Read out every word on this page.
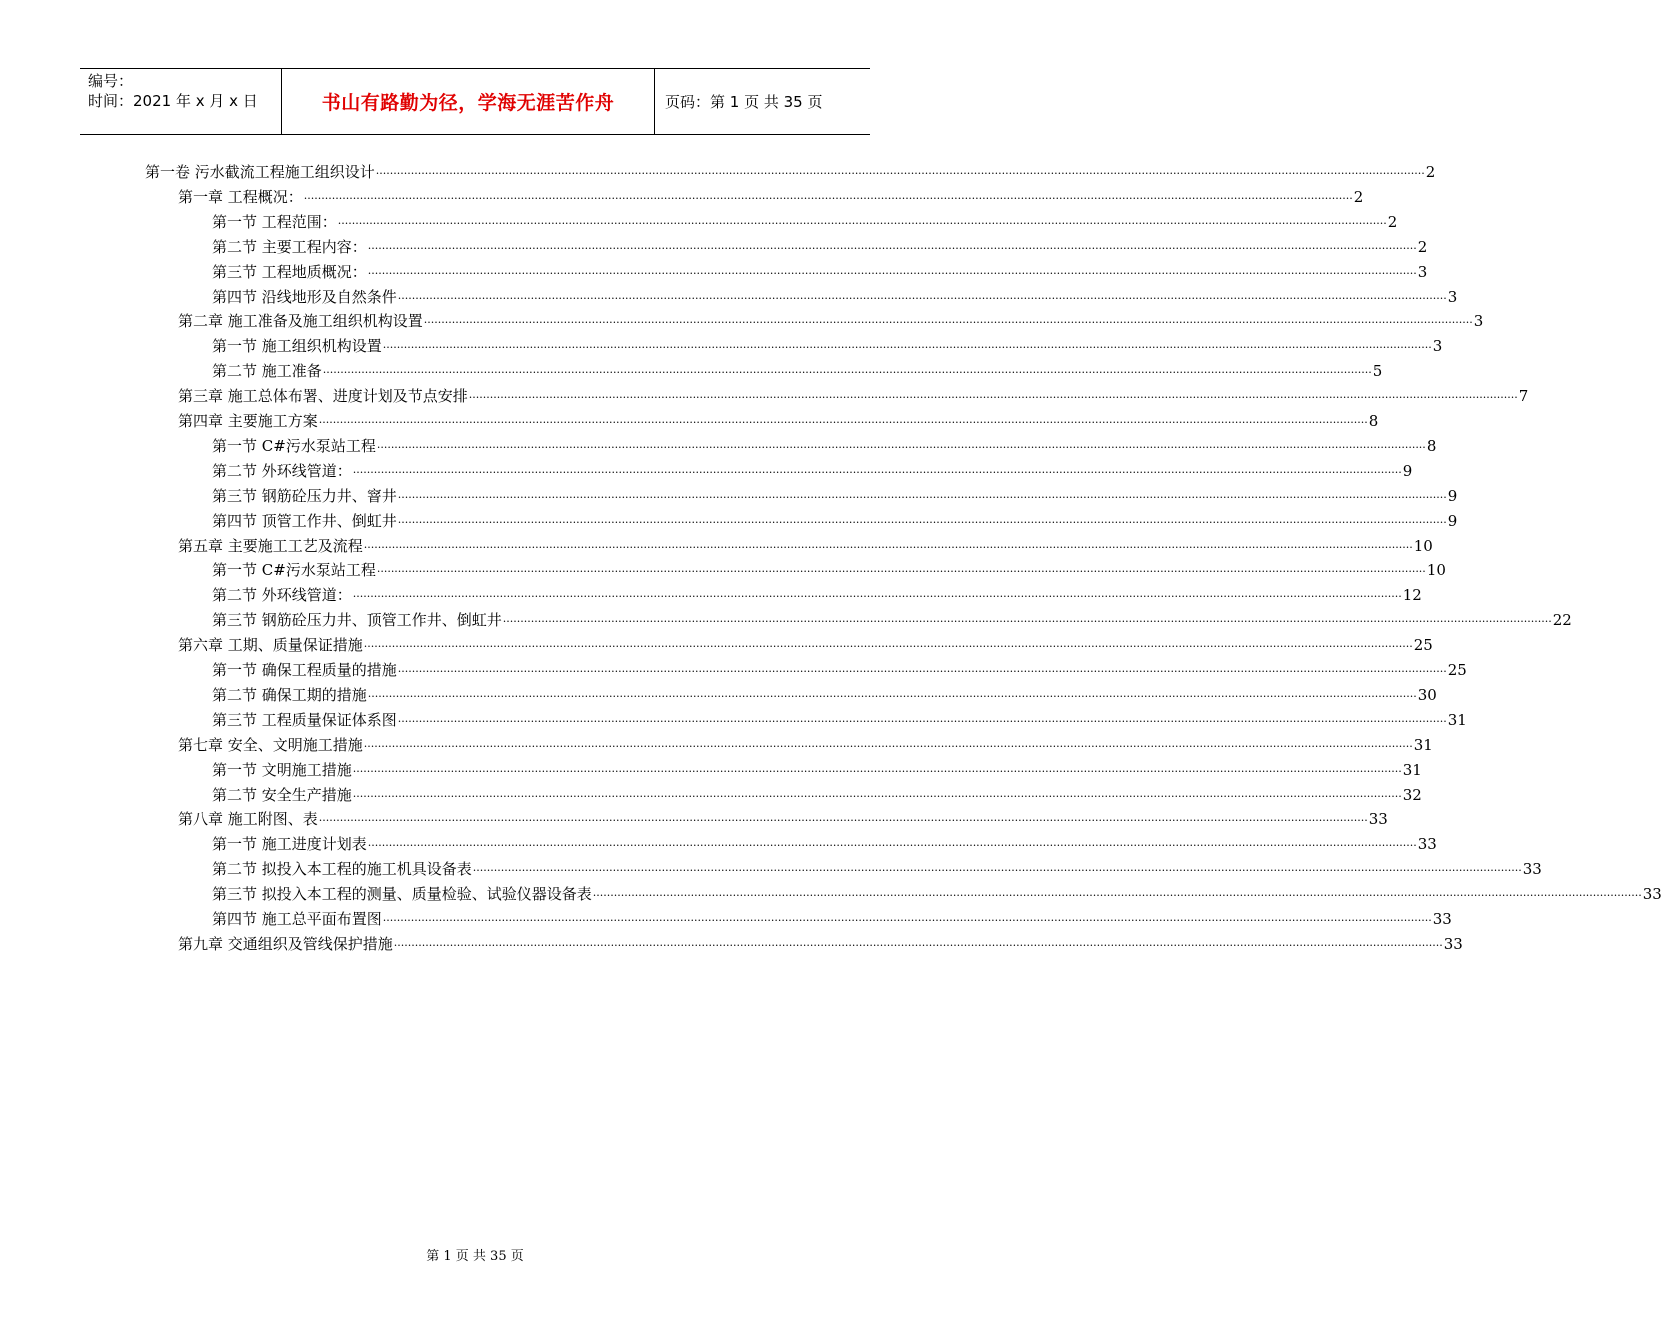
编号：
时间：2021 年 x 月 x 日	书山有路勤为径，学海无涯苦作舟	页码：第 1 页 共 35 页
第一卷 污水截流工程施工组织设计 ............................................................................................................................................................................................................................................................................................................ 2
第一章 工程概况： ............................................................................................................................................................................................................................................................................................................ 2
第一节 工程范围： ............................................................................................................................................................................................................................................................................................................ 2
第二节 主要工程内容： ............................................................................................................................................................................................................................................................................................................ 2
第三节 工程地质概况： ............................................................................................................................................................................................................................................................................................................ 3
第四节 沿线地形及自然条件 ............................................................................................................................................................................................................................................................................................................ 3
第二章 施工准备及施工组织机构设置 ............................................................................................................................................................................................................................................................................................................ 3
第一节 施工组织机构设置 ............................................................................................................................................................................................................................................................................................................ 3
第二节 施工准备 ............................................................................................................................................................................................................................................................................................................ 5
第三章 施工总体布署、进度计划及节点安排 ............................................................................................................................................................................................................................................................................................................ 7
第四章 主要施工方案 ............................................................................................................................................................................................................................................................................................................ 8
第一节 C#污水泵站工程 ............................................................................................................................................................................................................................................................................................................ 8
第二节 外环线管道： ............................................................................................................................................................................................................................................................................................................ 9
第三节 钢筋砼压力井、窨井 ............................................................................................................................................................................................................................................................................................................ 9
第四节 顶管工作井、倒虹井 ............................................................................................................................................................................................................................................................................................................ 9
第五章 主要施工工艺及流程 ............................................................................................................................................................................................................................................................................................................ 10
第一节 C#污水泵站工程 ............................................................................................................................................................................................................................................................................................................ 10
第二节 外环线管道： ............................................................................................................................................................................................................................................................................................................ 12
第三节 钢筋砼压力井、顶管工作井、倒虹井 ............................................................................................................................................................................................................................................................................................................ 22
第六章 工期、质量保证措施 ............................................................................................................................................................................................................................................................................................................ 25
第一节 确保工程质量的措施 ............................................................................................................................................................................................................................................................................................................ 25
第二节 确保工期的措施 ............................................................................................................................................................................................................................................................................................................ 30
第三节 工程质量保证体系图 ............................................................................................................................................................................................................................................................................................................ 31
第七章 安全、文明施工措施 ............................................................................................................................................................................................................................................................................................................ 31
第一节 文明施工措施 ............................................................................................................................................................................................................................................................................................................ 31
第二节 安全生产措施 ............................................................................................................................................................................................................................................................................................................ 32
第八章 施工附图、表 ............................................................................................................................................................................................................................................................................................................ 33
第一节 施工进度计划表 ............................................................................................................................................................................................................................................................................................................ 33
第二节 拟投入本工程的施工机具设备表 ............................................................................................................................................................................................................................................................................................................ 33
第三节 拟投入本工程的测量、质量检验、试验仪器设备表 ............................................................................................................................................................................................................................................................................................................ 33
第四节 施工总平面布置图 ............................................................................................................................................................................................................................................................................................................ 33
第九章 交通组织及管线保护措施 ............................................................................................................................................................................................................................................................................................................ 33
第 1 页 共 35 页
